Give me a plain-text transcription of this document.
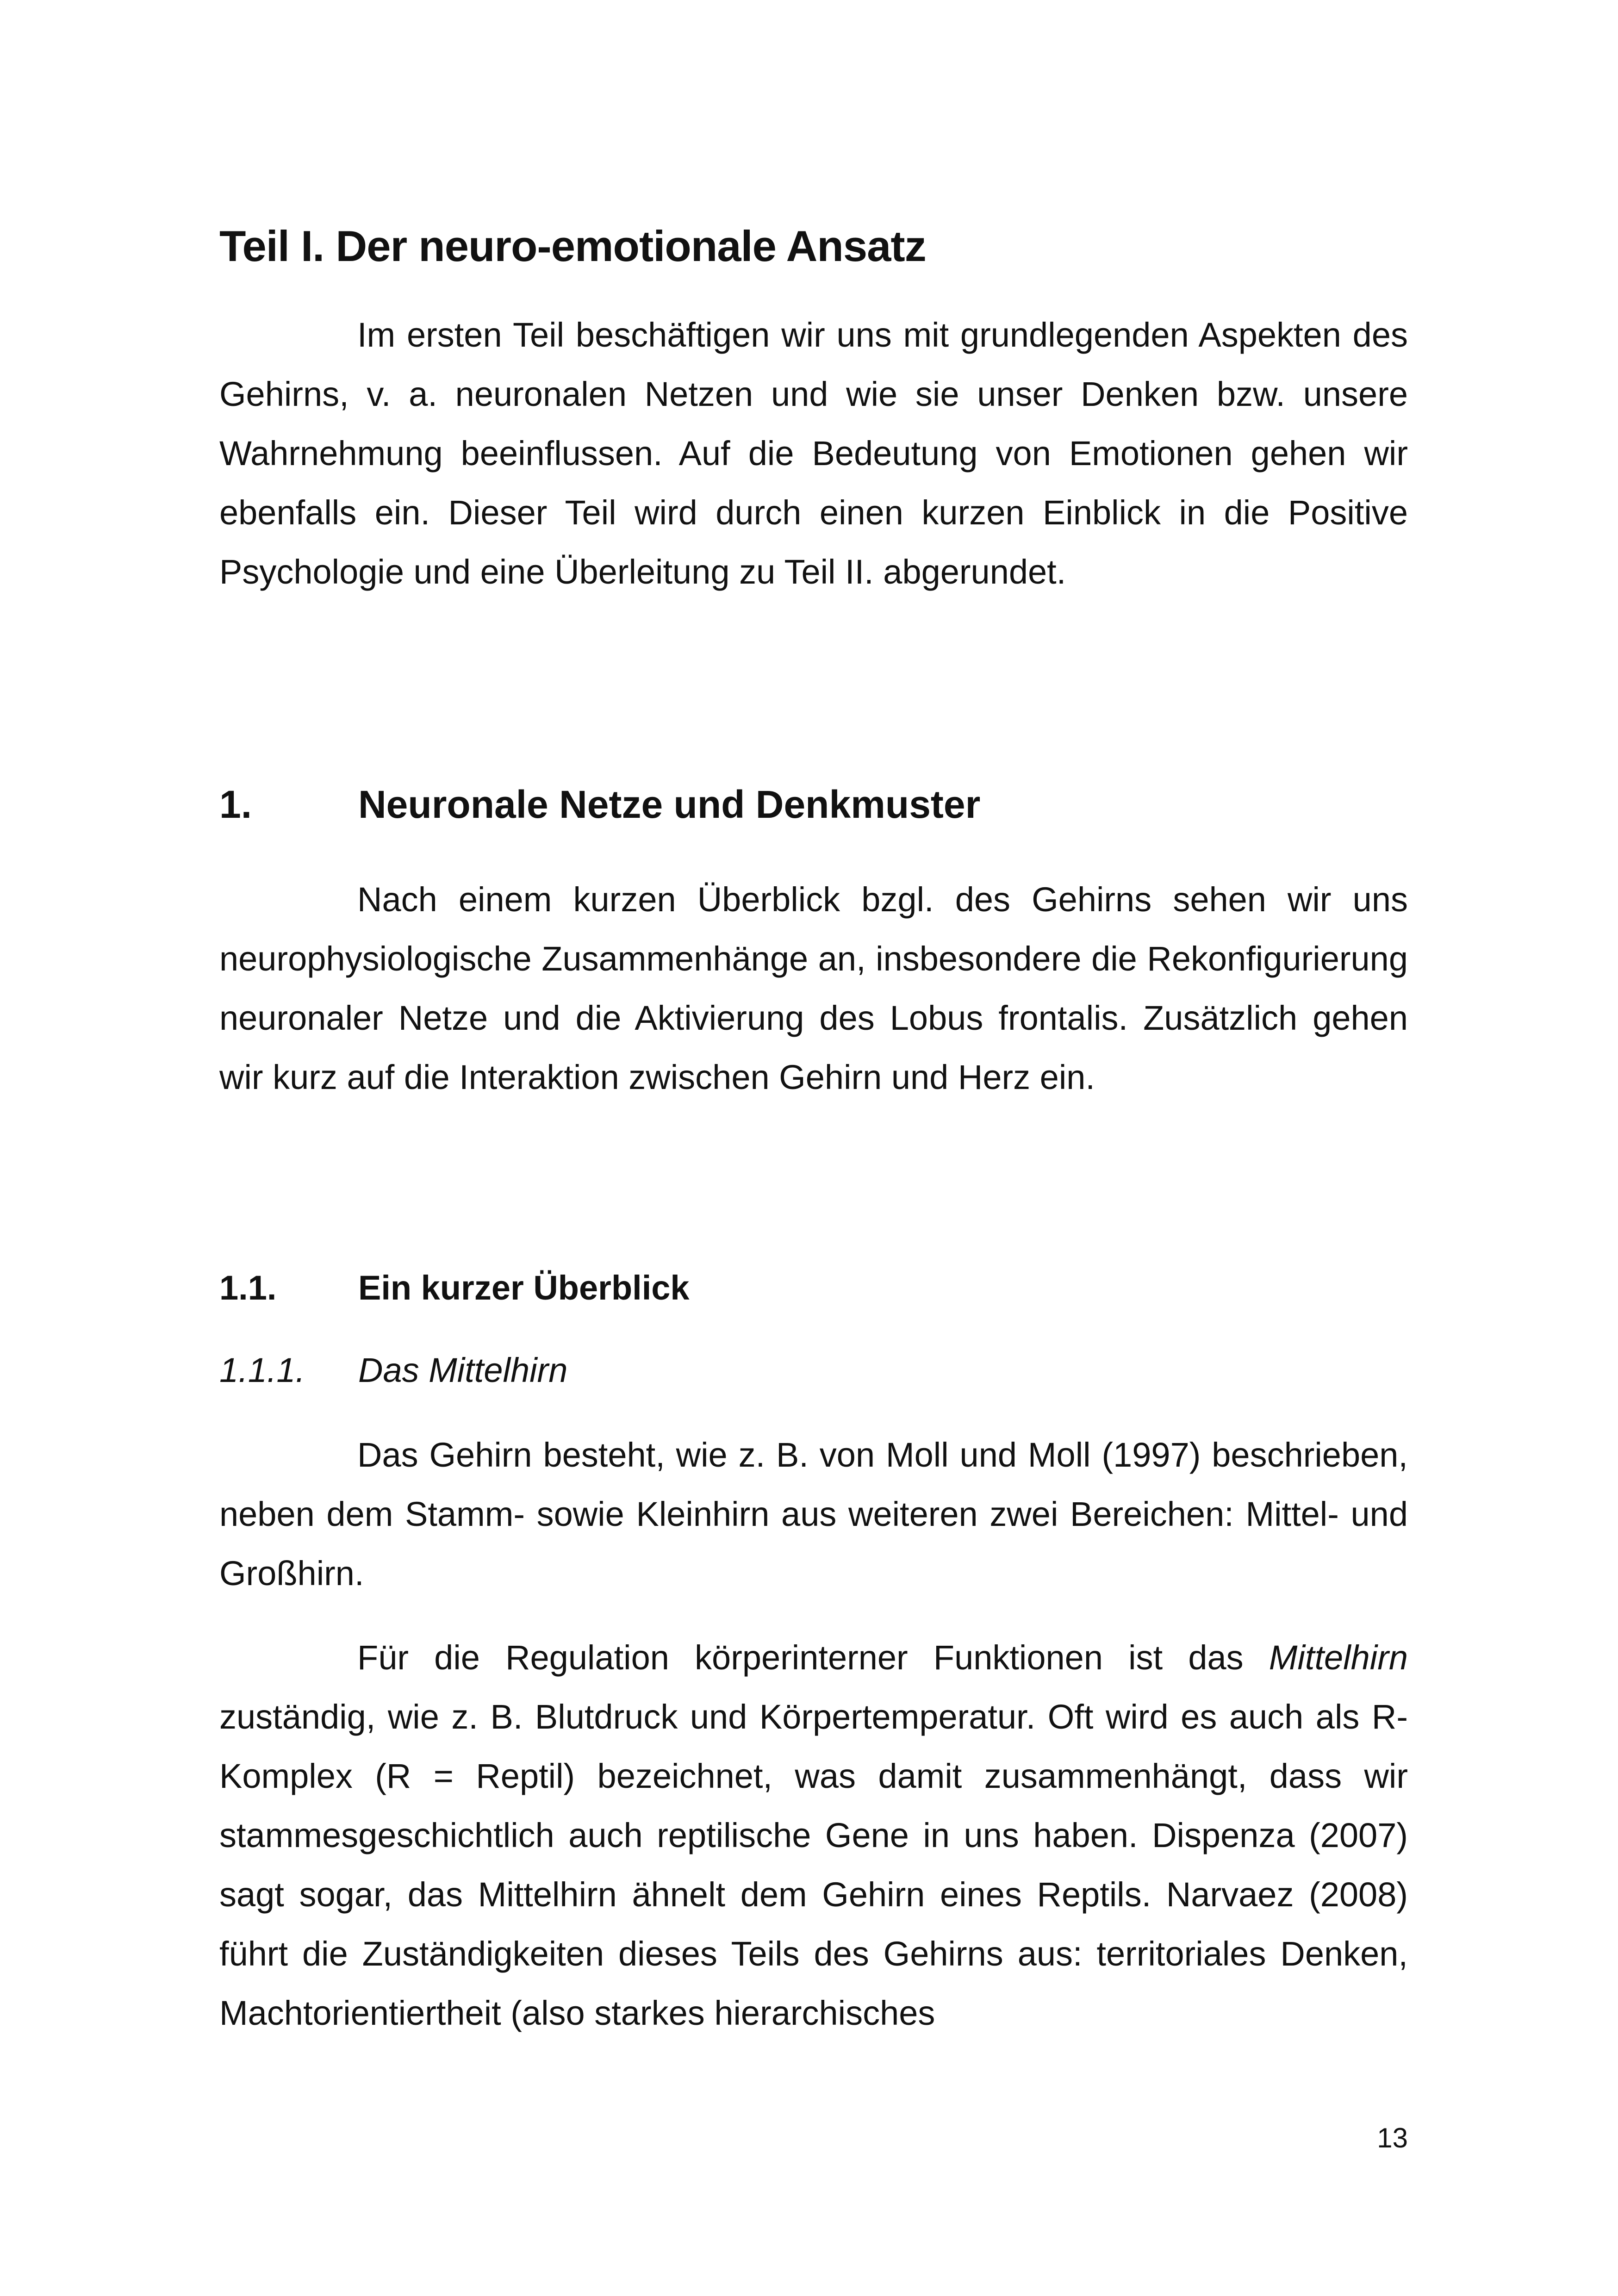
Teil I. Der neuro-emotionale Ansatz

Im ersten Teil beschäftigen wir uns mit grundlegenden Aspekten des Gehirns, v. a. neuronalen Netzen und wie sie unser Denken bzw. unsere Wahrnehmung beeinflussen. Auf die Bedeutung von Emotionen gehen wir ebenfalls ein. Dieser Teil wird durch einen kurzen Einblick in die Positive Psychologie und eine Überleitung zu Teil II. abgerundet.

1.	Neuronale Netze und Denkmuster

Nach einem kurzen Überblick bzgl. des Gehirns sehen wir uns neurophysiologische Zusammenhänge an, insbesondere die Rekonfigurierung neuronaler Netze und die Aktivierung des Lobus frontalis. Zusätzlich gehen wir kurz auf die Interaktion zwischen Gehirn und Herz ein.

1.1.	Ein kurzer Überblick
1.1.1.	Das Mittelhirn

Das Gehirn besteht, wie z. B. von Moll und Moll (1997) beschrieben, neben dem Stamm- sowie Kleinhirn aus weiteren zwei Bereichen: Mittel- und Großhirn.

Für die Regulation körperinterner Funktionen ist das Mittelhirn zuständig, wie z. B. Blutdruck und Körpertemperatur. Oft wird es auch als R-Komplex (R = Reptil) bezeichnet, was damit zusammenhängt, dass wir stammesgeschichtlich auch reptilische Gene in uns haben. Dispenza (2007) sagt sogar, das Mittelhirn ähnelt dem Gehirn eines Reptils. Narvaez (2008) führt die Zuständigkeiten dieses Teils des Gehirns aus: territoriales Denken, Machtorientiertheit (also starkes hierarchisches

13
